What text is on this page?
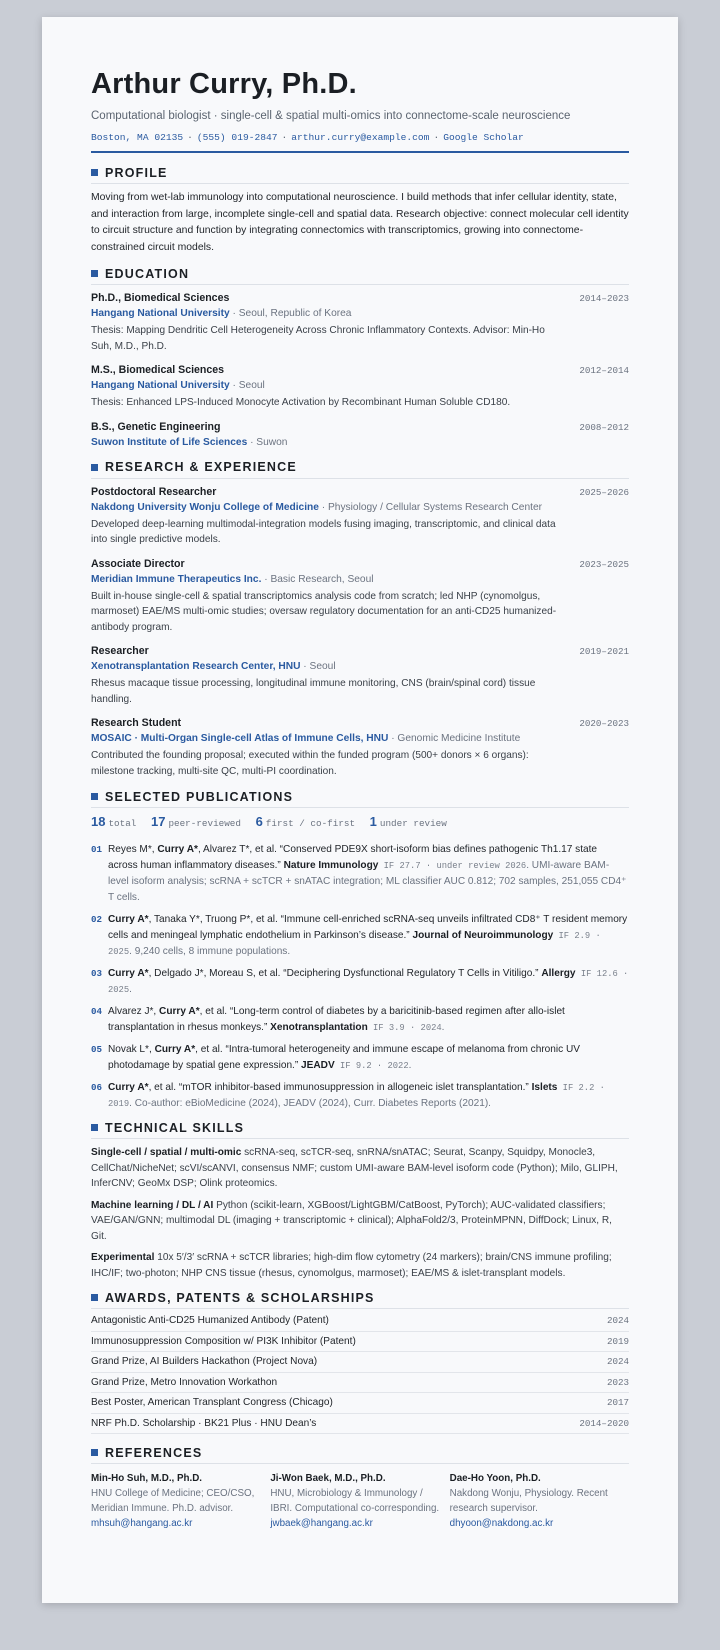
Arthur Curry, Ph.D.
Computational biologist · single-cell & spatial multi-omics into connectome-scale neuroscience
Boston, MA 02135 · (555) 019-2847 · arthur.curry@example.com · Google Scholar
PROFILE
Moving from wet-lab immunology into computational neuroscience. I build methods that infer cellular identity, state, and interaction from large, incomplete single-cell and spatial data. Research objective: connect molecular cell identity to circuit structure and function by integrating connectomics with transcriptomics, growing into connectome-constrained circuit models.
EDUCATION
Ph.D., Biomedical Sciences	2014–2023
Hangang National University · Seoul, Republic of Korea
Thesis: Mapping Dendritic Cell Heterogeneity Across Chronic Inflammatory Contexts. Advisor: Min-Ho Suh, M.D., Ph.D.
M.S., Biomedical Sciences	2012–2014
Hangang National University · Seoul
Thesis: Enhanced LPS-Induced Monocyte Activation by Recombinant Human Soluble CD180.
B.S., Genetic Engineering	2008–2012
Suwon Institute of Life Sciences · Suwon
RESEARCH & EXPERIENCE
Postdoctoral Researcher	2025–2026
Nakdong University Wonju College of Medicine · Physiology / Cellular Systems Research Center
Developed deep-learning multimodal-integration models fusing imaging, transcriptomic, and clinical data into single predictive models.
Associate Director	2023–2025
Meridian Immune Therapeutics Inc. · Basic Research, Seoul
Built in-house single-cell & spatial transcriptomics analysis code from scratch; led NHP (cynomolgus, marmoset) EAE/MS multi-omic studies; oversaw regulatory documentation for an anti-CD25 humanized-antibody program.
Researcher	2019–2021
Xenotransplantation Research Center, HNU · Seoul
Rhesus macaque tissue processing, longitudinal immune monitoring, CNS (brain/spinal cord) tissue handling.
Research Student	2020–2023
MOSAIC · Multi-Organ Single-cell Atlas of Immune Cells, HNU · Genomic Medicine Institute
Contributed the founding proposal; executed within the funded program (500+ donors × 6 organs): milestone tracking, multi-site QC, multi-PI coordination.
SELECTED PUBLICATIONS
18 total 17 peer-reviewed 6 first / co-first 1 under review
01 Reyes M*, Curry A*, Alvarez T*, et al. “Conserved PDE9X short-isoform bias defines pathogenic Th1.17 state across human inflammatory diseases.” Nature Immunology IF 27.7 · under review 2026. UMI-aware BAM-level isoform analysis; scRNA + scTCR + snATAC integration; ML classifier AUC 0.812; 702 samples, 251,055 CD4⁺ T cells.
02 Curry A*, Tanaka Y*, Truong P*, et al. “Immune cell-enriched scRNA-seq unveils infiltrated CD8⁺ T resident memory cells and meningeal lymphatic endothelium in Parkinson’s disease.” Journal of Neuroimmunology IF 2.9 · 2025. 9,240 cells, 8 immune populations.
03 Curry A*, Delgado J*, Moreau S, et al. “Deciphering Dysfunctional Regulatory T Cells in Vitiligo.” Allergy IF 12.6 · 2025.
04 Alvarez J*, Curry A*, et al. “Long-term control of diabetes by a baricitinib-based regimen after allo-islet transplantation in rhesus monkeys.” Xenotransplantation IF 3.9 · 2024.
05 Novak L*, Curry A*, et al. “Intra-tumoral heterogeneity and immune escape of melanoma from chronic UV photodamage by spatial gene expression.” JEADV IF 9.2 · 2022.
06 Curry A*, et al. “mTOR inhibitor-based immunosuppression in allogeneic islet transplantation.” Islets IF 2.2 · 2019. Co-author: eBioMedicine (2024), JEADV (2024), Curr. Diabetes Reports (2021).
TECHNICAL SKILLS
Single-cell / spatial / multi-omic scRNA-seq, scTCR-seq, snRNA/snATAC; Seurat, Scanpy, Squidpy, Monocle3, CellChat/NicheNet; scVI/scANVI, consensus NMF; custom UMI-aware BAM-level isoform code (Python); Milo, GLIPH, InferCNV; GeoMx DSP; Olink proteomics.
Machine learning / DL / AI Python (scikit-learn, XGBoost/LightGBM/CatBoost, PyTorch); AUC-validated classifiers; VAE/GAN/GNN; multimodal DL (imaging + transcriptomic + clinical); AlphaFold2/3, ProteinMPNN, DiffDock; Linux, R, Git.
Experimental 10x 5′/3′ scRNA + scTCR libraries; high-dim flow cytometry (24 markers); brain/CNS immune profiling; IHC/IF; two-photon; NHP CNS tissue (rhesus, cynomolgus, marmoset); EAE/MS & islet-transplant models.
AWARDS, PATENTS & SCHOLARSHIPS
Antagonistic Anti-CD25 Humanized Antibody (Patent)	2024
Immunosuppression Composition w/ PI3K Inhibitor (Patent)	2019
Grand Prize, AI Builders Hackathon (Project Nova)	2024
Grand Prize, Metro Innovation Workathon	2023
Best Poster, American Transplant Congress (Chicago)	2017
NRF Ph.D. Scholarship · BK21 Plus · HNU Dean’s	2014–2020
REFERENCES
Min-Ho Suh, M.D., Ph.D.
HNU College of Medicine; CEO/CSO, Meridian Immune. Ph.D. advisor.
mhsuh@hangang.ac.kr
Ji-Won Baek, M.D., Ph.D.
HNU, Microbiology & Immunology / IBRI. Computational co-corresponding.
jwbaek@hangang.ac.kr
Dae-Ho Yoon, Ph.D.
Nakdong Wonju, Physiology. Recent research supervisor.
dhyoon@nakdong.ac.kr
